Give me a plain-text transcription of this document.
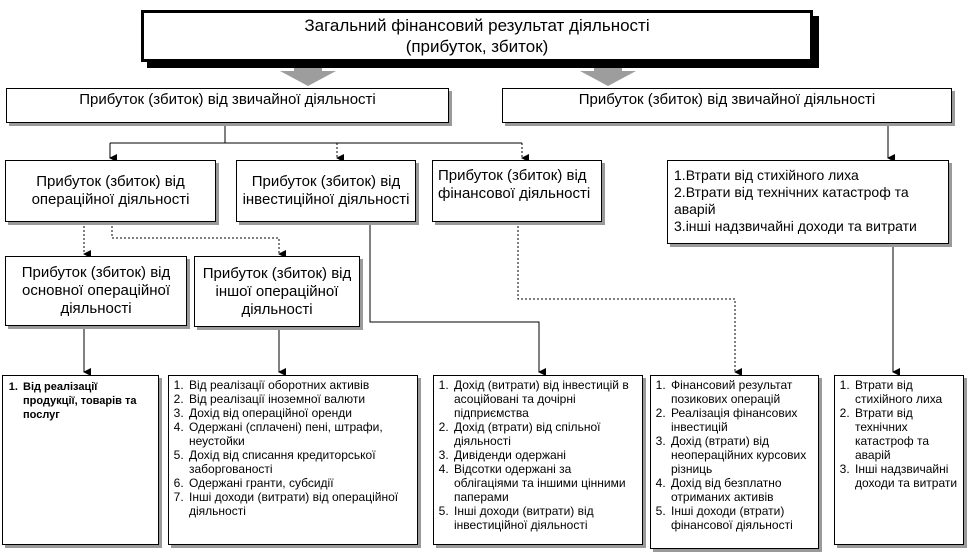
Загальний фінансовий результат діяльності
(прибуток, збиток)
Прибуток (збиток) від звичайної діяльності	Прибуток (збиток) від звичайної діяльності
Прибуток (збиток) від операційної діяльності
Прибуток (збиток) від інвестиційної діяльності
Прибуток (збиток) від фінансової діяльності
1.Втрати від стихійного лиха
2.Втрати від технічних катастроф та аварій
3.інші надзвичайні доходи та витрати
Прибуток (збиток) від основної операційної діяльності
Прибуток (збиток) від іншої операційної діяльності
1. Від реалізації продукції, товарів та послуг
1. Від реалізації оборотних активів
2. Від реалізації іноземної валюти
3. Дохід від операційної оренди
4. Одержані (сплачені) пені, штрафи, неустойки
5. Дохід від списання кредиторської заборгованості
6. Одержані гранти, субсидії
7. Інші доходи (витрати) від операційної діяльності
1. Дохід (витрати) від інвестицій в асоційовані та дочірні підприємства
2. Дохід (втрати) від спільної діяльності
3. Дивіденди одержані
4. Відсотки одержані за облігаціями та іншими цінними паперами
5. Інші доходи (витрати) від інвестиційної діяльності
1. Фінансовий результат позикових операцій
2. Реалізація фінансових інвестицій
3. Дохід (втрати) від неопераційних курсових різниць
4. Дохід від безплатно отриманих активів
5. Інші доходи (втрати) фінансової діяльності
1. Втрати від стихійного лиха
2. Втрати від технічних катастроф та аварій
3. Інші надзвичайні доходи та витрати
